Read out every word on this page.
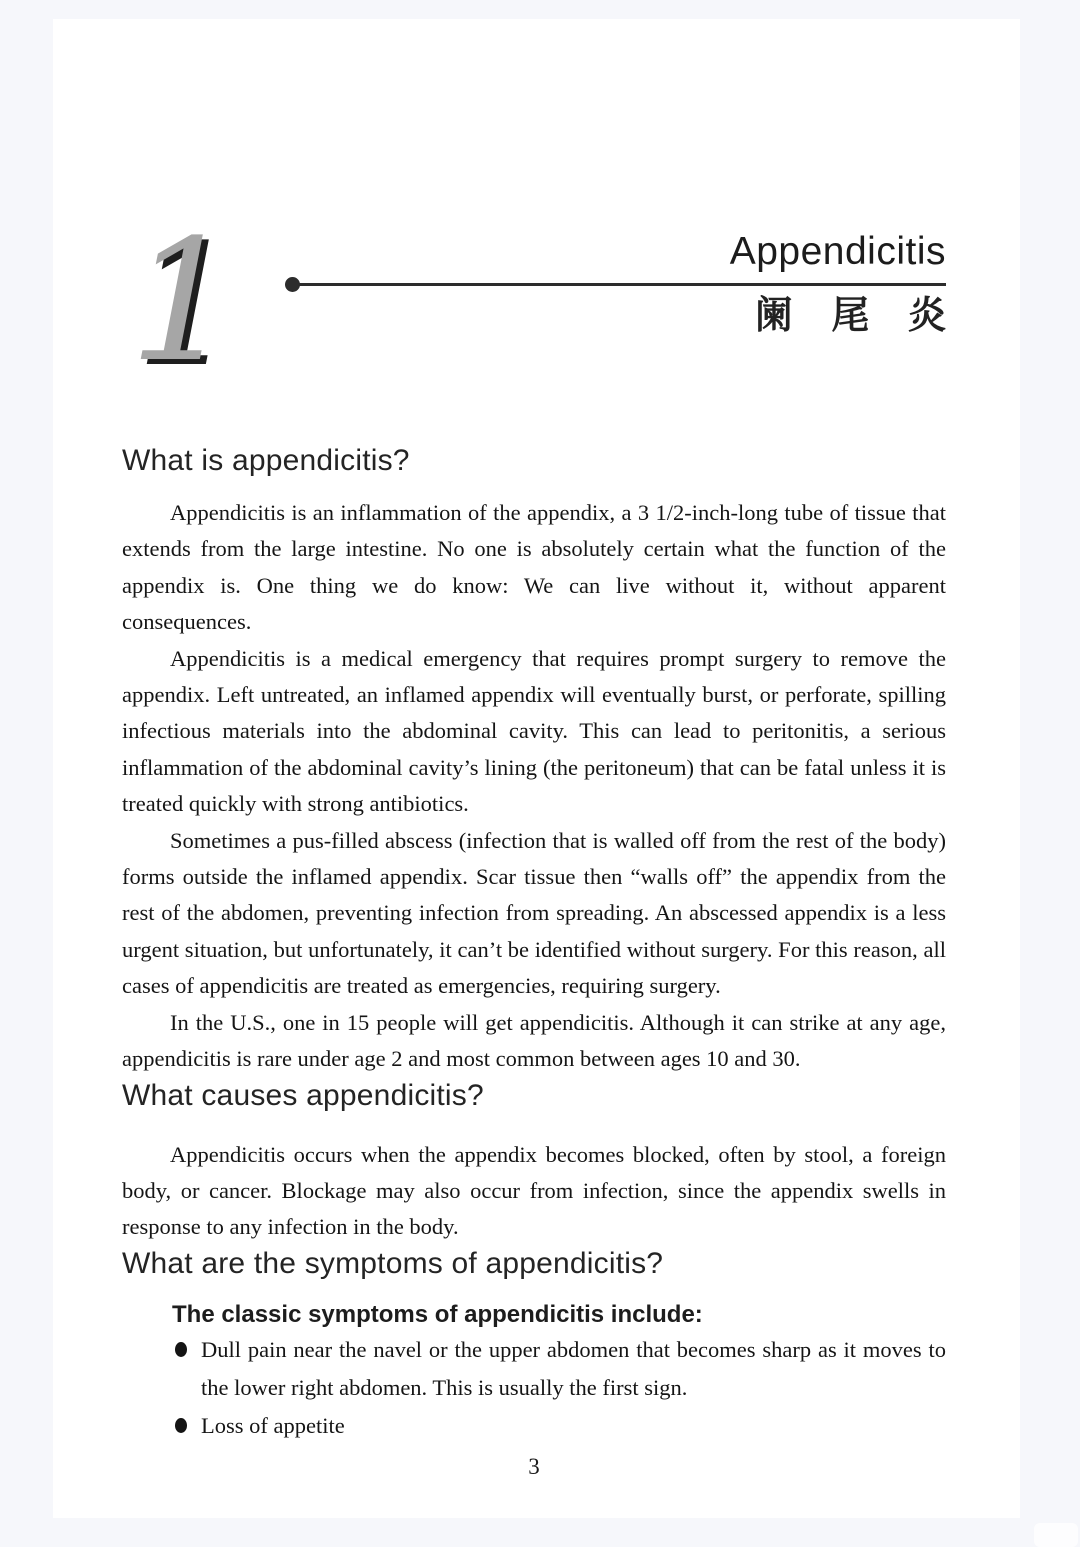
1	Appendicitis
阑 尾 炎
What is appendicitis?

Appendicitis is an inflammation of the appendix, a 3 1/2-inch-long tube of tissue that extends from the large intestine. No one is absolutely certain what the function of the appendix is. One thing we do know: We can live without it, without apparent consequences.

Appendicitis is a medical emergency that requires prompt surgery to remove the appendix. Left untreated, an inflamed appendix will eventually burst, or perforate, spilling infectious materials into the abdominal cavity. This can lead to peritonitis, a serious inflammation of the abdominal cavity’s lining (the peritoneum) that can be fatal unless it is treated quickly with strong antibiotics.

Sometimes a pus-filled abscess (infection that is walled off from the rest of the body) forms outside the inflamed appendix. Scar tissue then “walls off” the appendix from the rest of the abdomen, preventing infection from spreading. An abscessed appendix is a less urgent situation, but unfortunately, it can’t be identified without surgery. For this reason, all cases of appendicitis are treated as emergencies, requiring surgery.

In the U.S., one in 15 people will get appendicitis. Although it can strike at any age, appendicitis is rare under age 2 and most common between ages 10 and 30.

What causes appendicitis?

Appendicitis occurs when the appendix becomes blocked, often by stool, a foreign body, or cancer. Blockage may also occur from infection, since the appendix swells in response to any infection in the body.

What are the symptoms of appendicitis?
The classic symptoms of appendicitis include:
Dull pain near the navel or the upper abdomen that becomes sharp as it moves to the lower right abdomen. This is usually the first sign.
Loss of appetite
3
